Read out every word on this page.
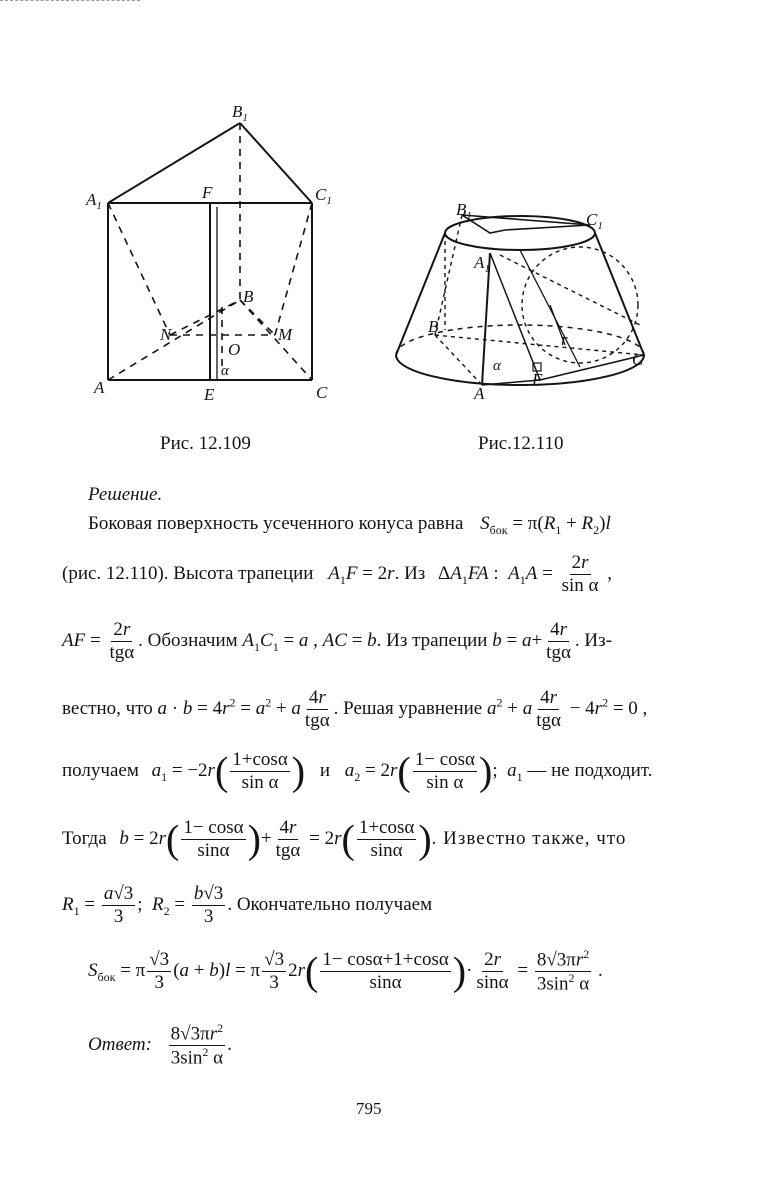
$B_1$
$A_1$
F	$C_1$
B
N	M
O
α
A	E	C
$B_1$	$C_1$
$A_1$
B
r
α
F
A
C
Рис. 12.109	Рис.12.110
Решение.
Боковая поверхность усеченного конуса равна $S_{бок} = \pi(R_1 + R_2)l$
(рис. 12.110). Высота трапеции $A_1F = 2r$. Из $\Delta A_1FA$ :  $A_1A = \frac{2r}{\text{sin α}}$ ,
AF = $\frac{2r}{\text{tgα}}$ . Обозначим $A_1C_1 = a$ , AC = b. Из трапеции $b = a+ \frac{4r}{\text{tgα}}$ . Из-
вестно, что $a \cdot b = 4r^2 = a^2 + a \frac{4r}{\text{tgα}}$ . Решая уравнение $a^2 + a \frac{4r}{\text{tgα}} - 4r^2 = 0$ ,
получаем $a_1 = -2r( \frac{1+\cos\alpha}{\text{sin α}}$ ) и $a_2 = 2r( \frac{1- \cos\alpha}{\text{sin α}}$ );  $a_1$ — не подходит.
Тогда $b = 2r( \frac{1- \cos\alpha}{\sin\alpha}$ )+ $\frac{4r}{\text{tgα}} = 2r( \frac{1+\cos\alpha}{\sin\alpha}$ ). Известно также, что
$R_1 = \frac{a√3}{3}$ ;  $R_2 = \frac{b√3}{3}$ . Окончательно получаем
$S_{бок} = \pi \frac{√3}{3} (a + b)l = \pi \frac{√3}{3} 2r( \frac{1- \cos\alpha+1+\cos\alpha}{\sin\alpha}$ )· $\frac{2r}{\sin\alpha} = \frac{8√3\pi r^2}{3\sin^2 \alpha}$ .
Ответ: $\frac{8√3\pi r^2}{3\sin^2 \alpha}$ .
795
